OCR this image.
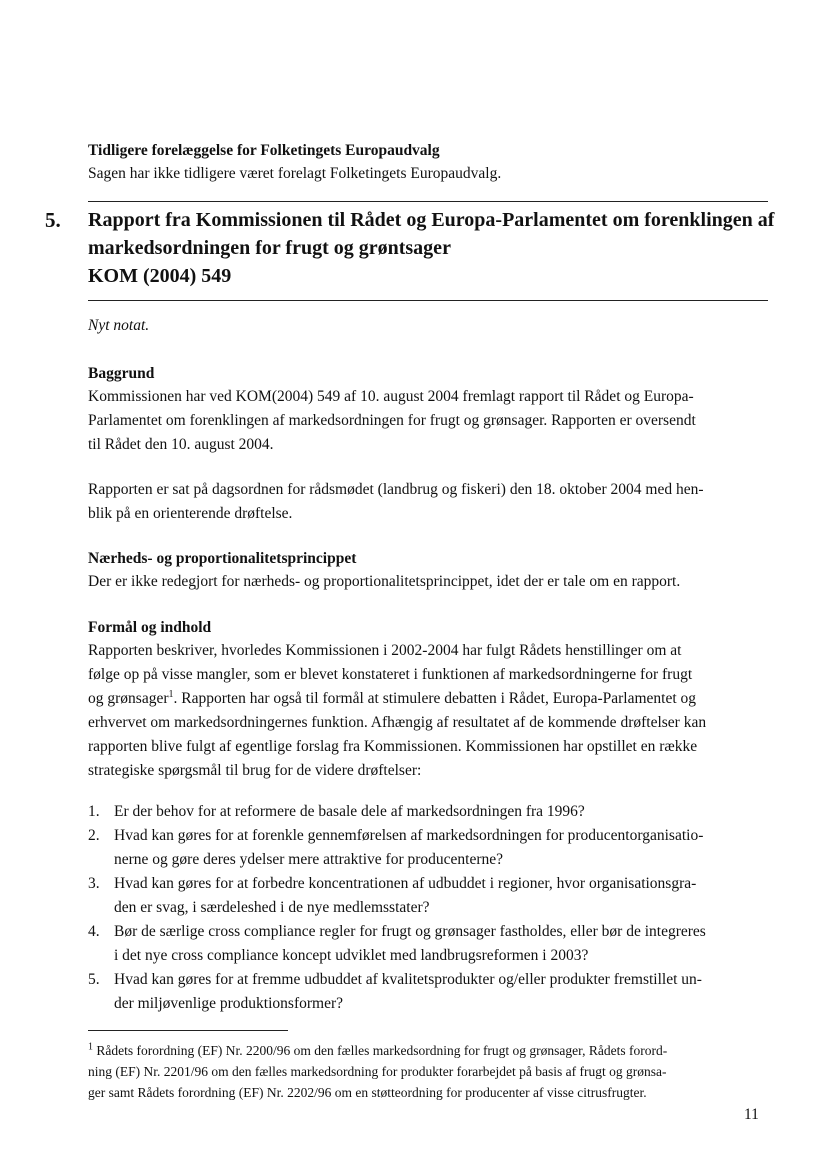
Tidligere forelæggelse for Folketingets Europaudvalg
Sagen har ikke tidligere været forelagt Folketingets Europaudvalg.
5. Rapport fra Kommissionen til Rådet og Europa-Parlamentet om forenklingen af
markedsordningen for frugt og grøntsager
KOM (2004) 549
Nyt notat.
Baggrund
Kommissionen har ved KOM(2004) 549 af 10. august 2004 fremlagt rapport til Rådet og Europa-
Parlamentet om forenklingen af markedsordningen for frugt og grønsager. Rapporten er oversendt
til Rådet den 10. august 2004.
Rapporten er sat på dagsordnen for rådsmødet (landbrug og fiskeri) den 18. oktober 2004 med hen-
blik på en orienterende drøftelse.
Nærheds- og proportionalitetsprincippet
Der er ikke redegjort for nærheds- og proportionalitetsprincippet, idet der er tale om en rapport.
Formål og indhold
Rapporten beskriver, hvorledes Kommissionen i 2002-2004 har fulgt Rådets henstillinger om at
følge op på visse mangler, som er blevet konstateret i funktionen af markedsordningerne for frugt
og grønsager$^1$. Rapporten har også til formål at stimulere debatten i Rådet, Europa-Parlamentet og
erhvervet om markedsordningernes funktion. Afhængig af resultatet af de kommende drøftelser kan
rapporten blive fulgt af egentlige forslag fra Kommissionen. Kommissionen har opstillet en række
strategiske spørgsmål til brug for de videre drøftelser:
1. Er der behov for at reformere de basale dele af markedsordningen fra 1996?
2. Hvad kan gøres for at forenkle gennemførelsen af markedsordningen for producentorganisatio-
nerne og gøre deres ydelser mere attraktive for producenterne?
3. Hvad kan gøres for at forbedre koncentrationen af udbuddet i regioner, hvor organisationsgra-
den er svag, i særdeleshed i de nye medlemsstater?
4. Bør de særlige cross compliance regler for frugt og grønsager fastholdes, eller bør de integreres
i det nye cross compliance koncept udviklet med landbrugsreformen i 2003?
5. Hvad kan gøres for at fremme udbuddet af kvalitetsprodukter og/eller produkter fremstillet un-
der miljøvenlige produktionsformer?
$^1$ Rådets forordning (EF) Nr. 2200/96 om den fælles markedsordning for frugt og grønsager, Rådets forord-
ning (EF) Nr. 2201/96 om den fælles markedsordning for produkter forarbejdet på basis af frugt og grønsa-
ger samt Rådets forordning (EF) Nr. 2202/96 om en støtteordning for producenter af visse citrusfrugter.
11
